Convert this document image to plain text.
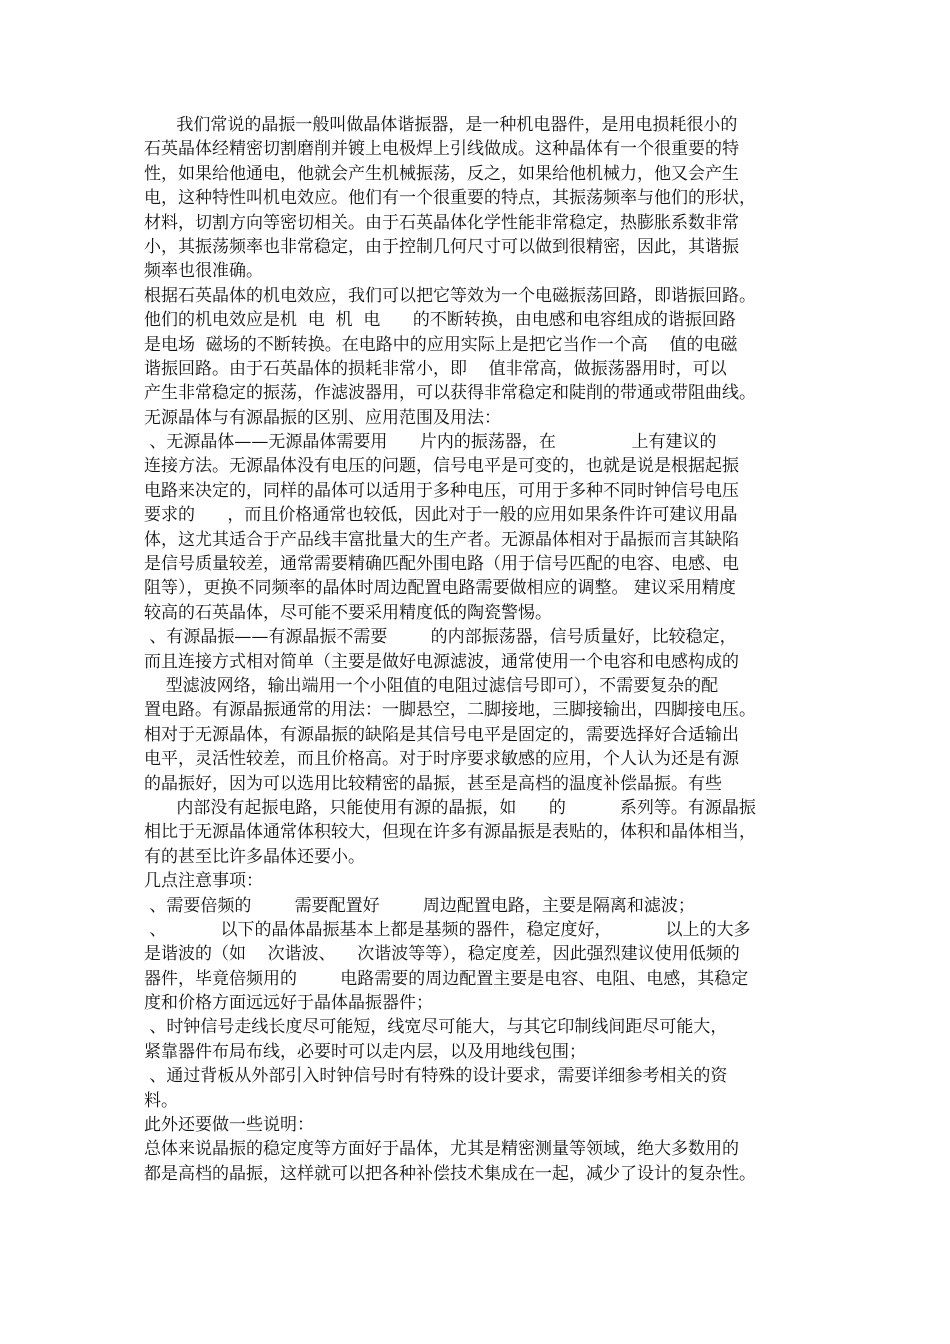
我们常说的晶振一般叫做晶体谐振器，是一种机电器件，是用电损耗很小的
石英晶体经精密切割磨削并镀上电极焊上引线做成。这种晶体有一个很重要的特
性，如果给他通电，他就会产生机械振荡，反之，如果给他机械力，他又会产生
电，这种特性叫机电效应。他们有一个很重要的特点，其振荡频率与他们的形状，
材料，切割方向等密切相关。由于石英晶体化学性能非常稳定，热膨胀系数非常
小，其振荡频率也非常稳定，由于控制几何尺寸可以做到很精密，因此，其谐振
频率也很准确。
根据石英晶体的机电效应，我们可以把它等效为一个电磁振荡回路，即谐振回路。
他们的机电效应是机  电  机  电      的不断转换，由电感和电容组成的谐振回路
是电场  磁场的不断转换。在电路中的应用实际上是把它当作一个高    值的电磁
谐振回路。由于石英晶体的损耗非常小，即    值非常高，做振荡器用时，可以
产生非常稳定的振荡，作滤波器用，可以获得非常稳定和陡削的带通或带阻曲线。
无源晶体与有源晶振的区别、应用范围及用法：
、无源晶体——无源晶体需要用      片内的振荡器，在              上有建议的
连接方法。无源晶体没有电压的问题，信号电平是可变的，也就是说是根据起振
电路来决定的，同样的晶体可以适用于多种电压，可用于多种不同时钟信号电压
要求的      ，而且价格通常也较低，因此对于一般的应用如果条件许可建议用晶
体，这尤其适合于产品线丰富批量大的生产者。无源晶体相对于晶振而言其缺陷
是信号质量较差，通常需要精确匹配外围电路（用于信号匹配的电容、电感、电
阻等），更换不同频率的晶体时周边配置电路需要做相应的调整。 建议采用精度
较高的石英晶体，尽可能不要采用精度低的陶瓷警惕。
、有源晶振——有源晶振不需要        的内部振荡器，信号质量好，比较稳定，
而且连接方式相对简单（主要是做好电源滤波，通常使用一个电容和电感构成的
型滤波网络，输出端用一个小阻值的电阻过滤信号即可），不需要复杂的配
置电路。有源晶振通常的用法：一脚悬空，二脚接地，三脚接输出，四脚接电压。
相对于无源晶体，有源晶振的缺陷是其信号电平是固定的，需要选择好合适输出
电平，灵活性较差，而且价格高。对于时序要求敏感的应用，个人认为还是有源
的晶振好，因为可以选用比较精密的晶振，甚至是高档的温度补偿晶振。有些
内部没有起振电路，只能使用有源的晶振，如      的          系列等。有源晶振
相比于无源晶体通常体积较大，但现在许多有源晶振是表贴的，体积和晶体相当，
有的甚至比许多晶体还要小。
几点注意事项：
、需要倍频的        需要配置好        周边配置电路，主要是隔离和滤波；
、          以下的晶体晶振基本上都是基频的器件，稳定度好，          以上的大多
是谐波的（如    次谐波、    次谐波等等），稳定度差，因此强烈建议使用低频的
器件，毕竟倍频用的        电路需要的周边配置主要是电容、电阻、电感，其稳定
度和价格方面远远好于晶体晶振器件；
、时钟信号走线长度尽可能短，线宽尽可能大，与其它印制线间距尽可能大，
紧靠器件布局布线，必要时可以走内层，以及用地线包围；
、通过背板从外部引入时钟信号时有特殊的设计要求，需要详细参考相关的资
料。
此外还要做一些说明：
总体来说晶振的稳定度等方面好于晶体，尤其是精密测量等领域，绝大多数用的
都是高档的晶振，这样就可以把各种补偿技术集成在一起，减少了设计的复杂性。
